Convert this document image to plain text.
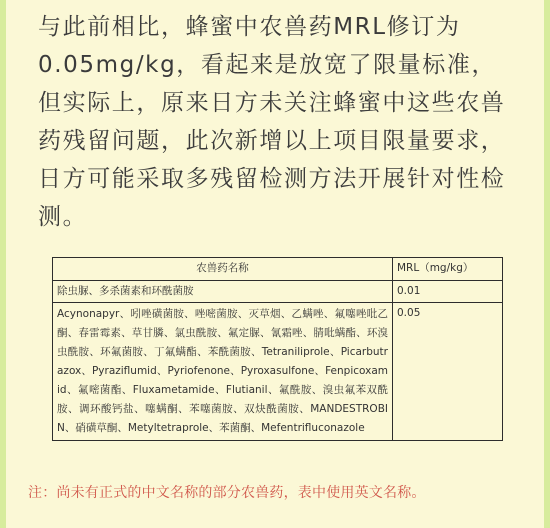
与此前相比，蜂蜜中农兽药MRL修订为0.05mg/kg，看起来是放宽了限量标准，但实际上，原来日方未关注蜂蜜中这些农兽药残留问题，此次新增以上项目限量要求，日方可能采取多残留检测方法开展针对性检测。

农兽药名称	MRL（mg/kg）
除虫脲、多杀菌素和环酰菌胺	0.01
Acynonapyr、吲唑磺菌胺、唑嘧菌胺、灭草烟、乙螨唑、氟噻唑吡乙酮、春雷霉素、草甘膦、氯虫酰胺、氟定脲、氰霜唑、腈吡螨酯、环溴虫酰胺、环氟菌胺、丁氟螨酯、苯酰菌胺、Tetraniliprole、Picarbutrazox、Pyraziflumid、Pyriofenone、Pyroxasulfone、Fenpicoxamid、氟嘧菌酯、Fluxametamide、Flutianil、氟酰胺、溴虫氟苯双酰胺、调环酸钙盐、噻螨酮、苯噻菌胺、双炔酰菌胺、MANDESTROBIN、硝磺草酮、Metyltetraprole、苯菌酮、Mefentrifluconazole	0.05

注：尚未有正式的中文名称的部分农兽药，表中使用英文名称。
